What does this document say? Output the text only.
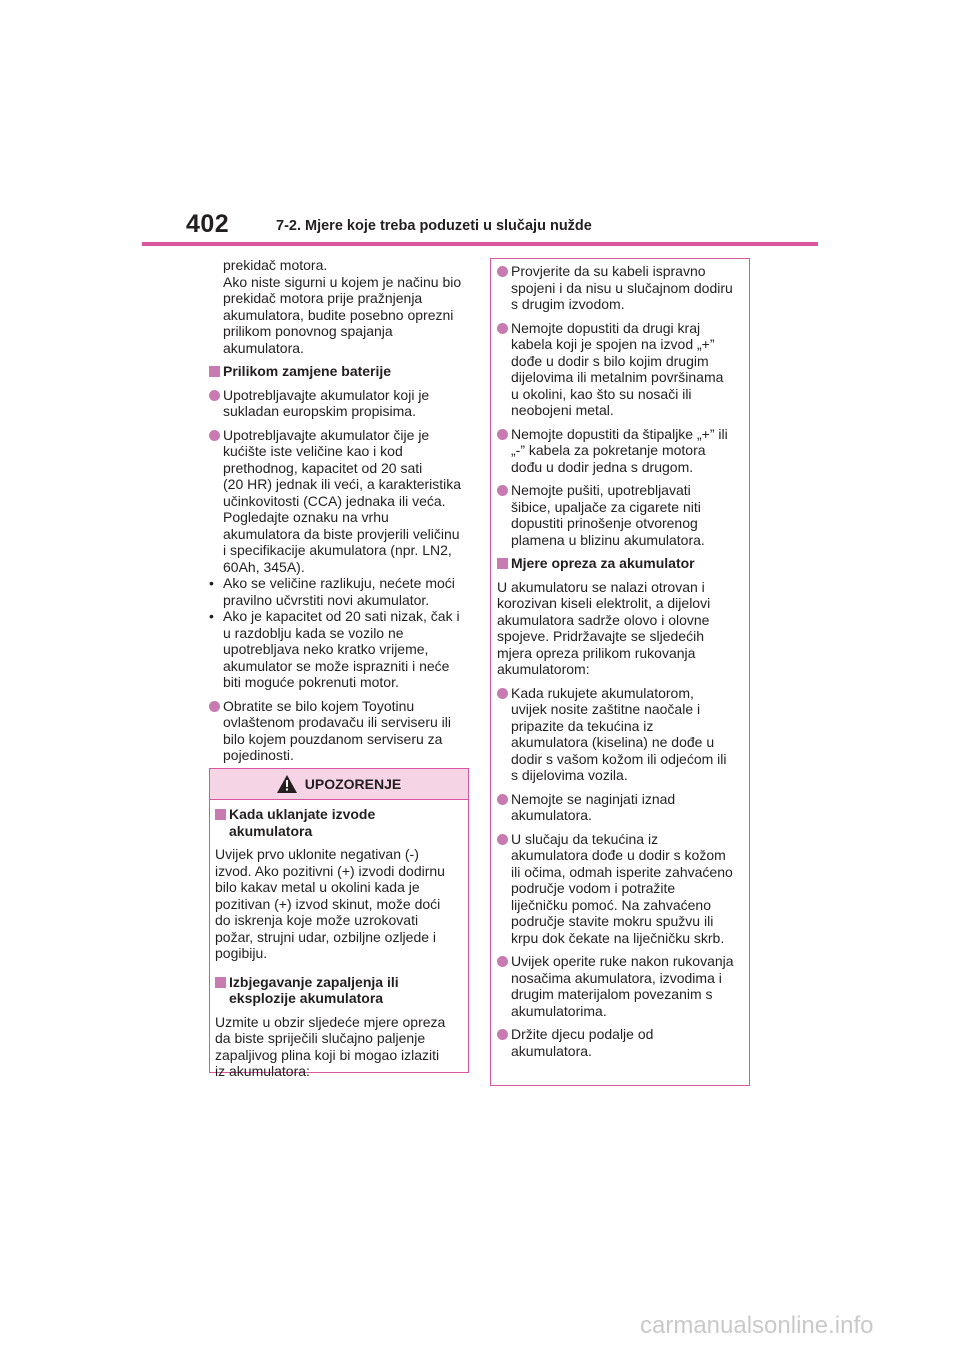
402	7-2. Mjere koje treba poduzeti u slučaju nužde
prekidač motora.
Ako niste sigurni u kojem je načinu bio
prekidač motora prije pražnjenja
akumulatora, budite posebno oprezni
prilikom ponovnog spajanja
akumulatora.
Prilikom zamjene baterije
Upotrebljavajte akumulator koji je
sukladan europskim propisima.
Upotrebljavajte akumulator čije je
kućište iste veličine kao i kod
prethodnog, kapacitet od 20 sati
(20 HR) jednak ili veći, a karakteristika
učinkovitosti (CCA) jednaka ili veća.
Pogledajte oznaku na vrhu
akumulatora da biste provjerili veličinu
i specifikacije akumulatora (npr. LN2,
60Ah, 345A).
• Ako se veličine razlikuju, nećete moći
pravilno učvrstiti novi akumulator.
• Ako je kapacitet od 20 sati nizak, čak i
u razdoblju kada se vozilo ne
upotrebljava neko kratko vrijeme,
akumulator se može isprazniti i neće
biti moguće pokrenuti motor.
Obratite se bilo kojem Toyotinu
ovlaštenom prodavaču ili serviseru ili
bilo kojem pouzdanom serviseru za
pojedinosti.
UPOZORENJE
Kada uklanjate izvode
akumulatora
Uvijek prvo uklonite negativan (-)
izvod. Ako pozitivni (+) izvodi dodirnu
bilo kakav metal u okolini kada je
pozitivan (+) izvod skinut, može doći
do iskrenja koje može uzrokovati
požar, strujni udar, ozbiljne ozljede i
pogibiju.
Izbjegavanje zapaljenja ili
eksplozije akumulatora
Uzmite u obzir sljedeće mjere opreza
da biste spriječili slučajno paljenje
zapaljivog plina koji bi mogao izlaziti
iz akumulatora:
Provjerite da su kabeli ispravno
spojeni i da nisu u slučajnom dodiru
s drugim izvodom.
Nemojte dopustiti da drugi kraj
kabela koji je spojen na izvod „+”
dođe u dodir s bilo kojim drugim
dijelovima ili metalnim površinama
u okolini, kao što su nosači ili
neobojeni metal.
Nemojte dopustiti da štipaljke „+” ili
„-” kabela za pokretanje motora
dođu u dodir jedna s drugom.
Nemojte pušiti, upotrebljavati
šibice, upaljače za cigarete niti
dopustiti prinošenje otvorenog
plamena u blizinu akumulatora.
Mjere opreza za akumulator
U akumulatoru se nalazi otrovan i
korozivan kiseli elektrolit, a dijelovi
akumulatora sadrže olovo i olovne
spojeve. Pridržavajte se sljedećih
mjera opreza prilikom rukovanja
akumulatorom:
Kada rukujete akumulatorom,
uvijek nosite zaštitne naočale i
pripazite da tekućina iz
akumulatora (kiselina) ne dođe u
dodir s vašom kožom ili odjećom ili
s dijelovima vozila.
Nemojte se naginjati iznad
akumulatora.
U slučaju da tekućina iz
akumulatora dođe u dodir s kožom
ili očima, odmah isperite zahvaćeno
područje vodom i potražite
liječničku pomoć. Na zahvaćeno
područje stavite mokru spužvu ili
krpu dok čekate na liječničku skrb.
Uvijek operite ruke nakon rukovanja
nosačima akumulatora, izvodima i
drugim materijalom povezanim s
akumulatorima.
Držite djecu podalje od
akumulatora.
carmanualsonline.info
